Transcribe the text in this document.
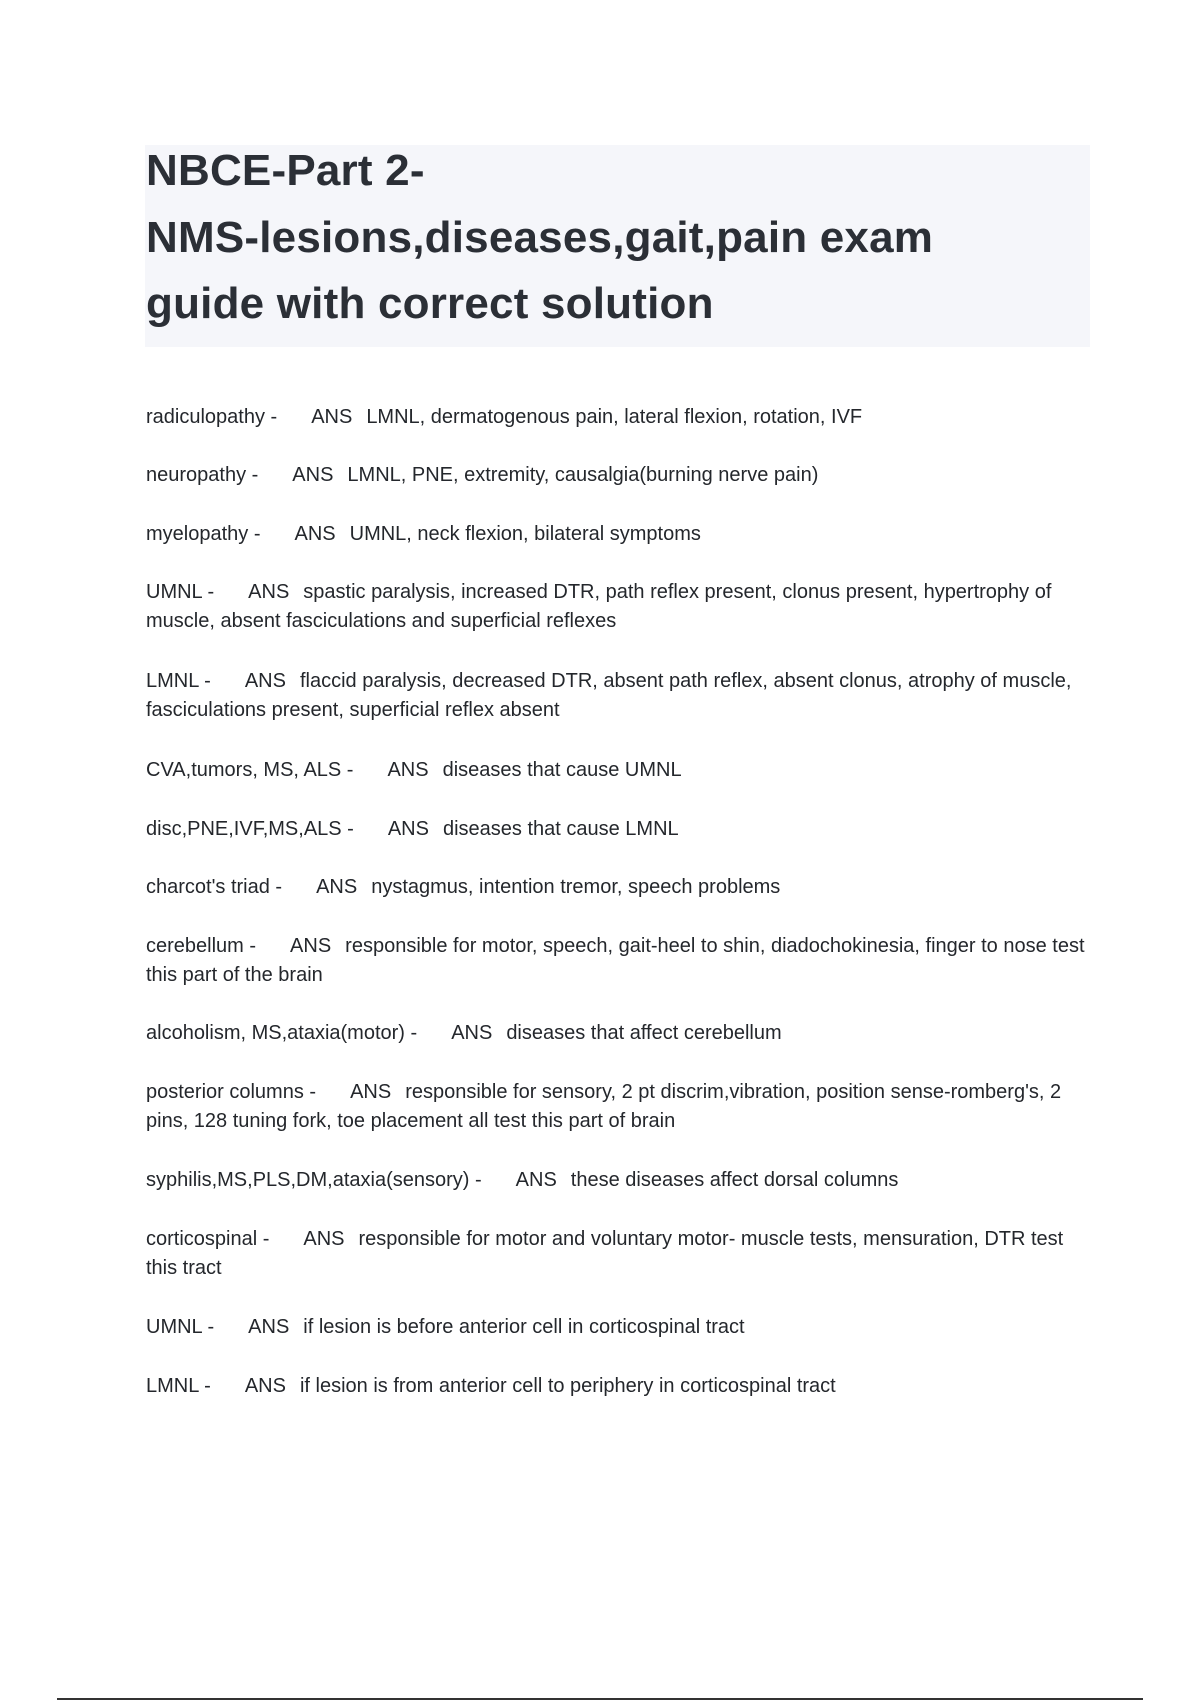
NBCE-Part 2-
NMS-lesions,diseases,gait,pain exam
guide with correct solution
radiculopathy - ANS LMNL, dermatogenous pain, lateral flexion, rotation, IVF
neuropathy - ANS LMNL, PNE, extremity, causalgia(burning nerve pain)
myelopathy - ANS UMNL, neck flexion, bilateral symptoms
UMNL - ANS spastic paralysis, increased DTR, path reflex present, clonus present, hypertrophy of muscle, absent fasciculations and superficial reflexes
LMNL - ANS flaccid paralysis, decreased DTR, absent path reflex, absent clonus, atrophy of muscle, fasciculations present, superficial reflex absent
CVA,tumors, MS, ALS - ANS diseases that cause UMNL
disc,PNE,IVF,MS,ALS - ANS diseases that cause LMNL
charcot's triad - ANS nystagmus, intention tremor, speech problems
cerebellum - ANS responsible for motor, speech, gait-heel to shin, diadochokinesia, finger to nose test this part of the brain
alcoholism, MS,ataxia(motor) - ANS diseases that affect cerebellum
posterior columns - ANS responsible for sensory, 2 pt discrim,vibration, position sense-romberg's, 2 pins, 128 tuning fork, toe placement all test this part of brain
syphilis,MS,PLS,DM,ataxia(sensory) - ANS these diseases affect dorsal columns
corticospinal - ANS responsible for motor and voluntary motor- muscle tests, mensuration, DTR test this tract
UMNL - ANS if lesion is before anterior cell in corticospinal tract
LMNL - ANS if lesion is from anterior cell to periphery in corticospinal tract
